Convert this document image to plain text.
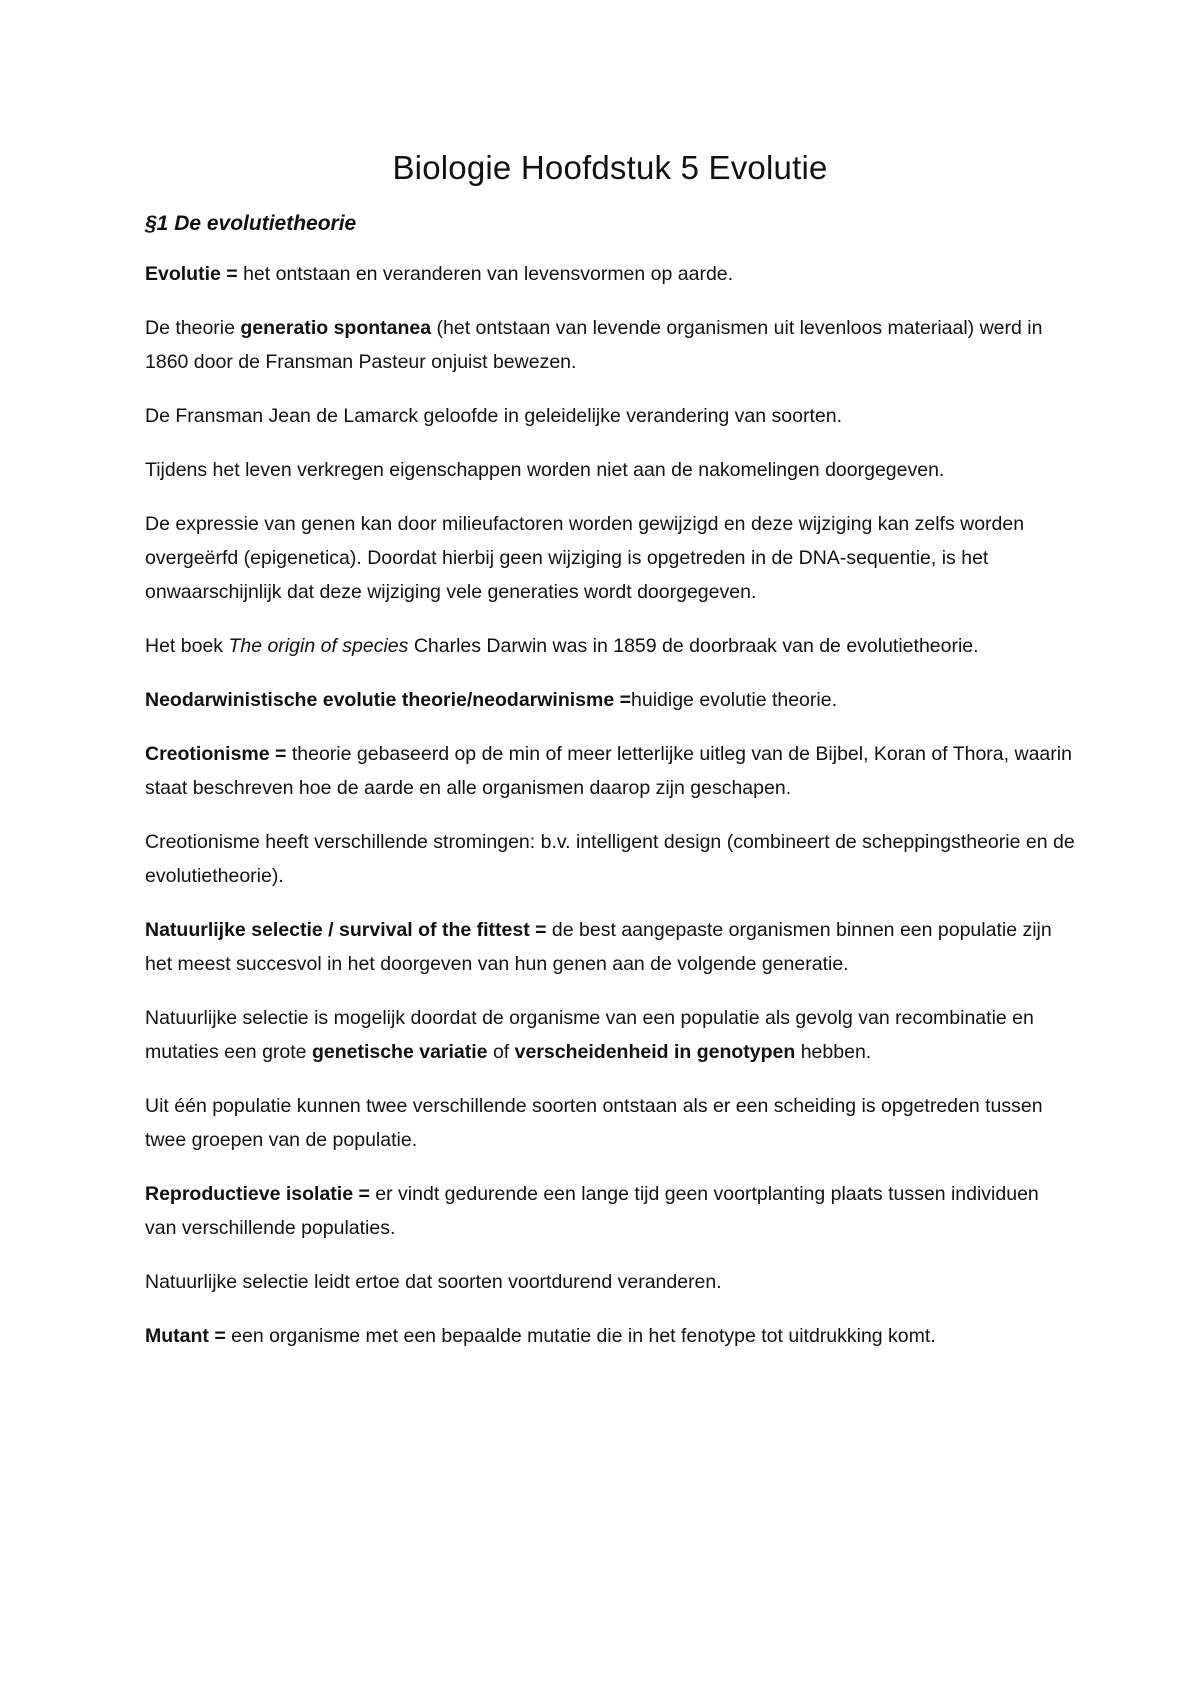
Biologie Hoofdstuk 5 Evolutie
§1 De evolutietheorie

Evolutie = het ontstaan en veranderen van levensvormen op aarde.

De theorie generatio spontanea (het ontstaan van levende organismen uit levenloos materiaal) werd in 1860 door de Fransman Pasteur onjuist bewezen.

De Fransman Jean de Lamarck geloofde in geleidelijke verandering van soorten.

Tijdens het leven verkregen eigenschappen worden niet aan de nakomelingen doorgegeven.

De expressie van genen kan door milieufactoren worden gewijzigd en deze wijziging kan zelfs worden overgeërfd (epigenetica). Doordat hierbij geen wijziging is opgetreden in de DNA-sequentie, is het onwaarschijnlijk dat deze wijziging vele generaties wordt doorgegeven.

Het boek The origin of species Charles Darwin was in 1859 de doorbraak van de evolutietheorie.

Neodarwinistische evolutie theorie/neodarwinisme =huidige evolutie theorie.

Creotionisme = theorie gebaseerd op de min of meer letterlijke uitleg van de Bijbel, Koran of Thora, waarin staat beschreven hoe de aarde en alle organismen daarop zijn geschapen.

Creotionisme heeft verschillende stromingen: b.v. intelligent design (combineert de scheppingstheorie en de evolutietheorie).

Natuurlijke selectie / survival of the fittest = de best aangepaste organismen binnen een populatie zijn het meest succesvol in het doorgeven van hun genen aan de volgende generatie.

Natuurlijke selectie is mogelijk doordat de organisme van een populatie als gevolg van recombinatie en mutaties een grote genetische variatie of verscheidenheid in genotypen hebben.

Uit één populatie kunnen twee verschillende soorten ontstaan als er een scheiding is opgetreden tussen twee groepen van de populatie.

Reproductieve isolatie = er vindt gedurende een lange tijd geen voortplanting plaats tussen individuen van verschillende populaties.

Natuurlijke selectie leidt ertoe dat soorten voortdurend veranderen.

Mutant = een organisme met een bepaalde mutatie die in het fenotype tot uitdrukking komt.
